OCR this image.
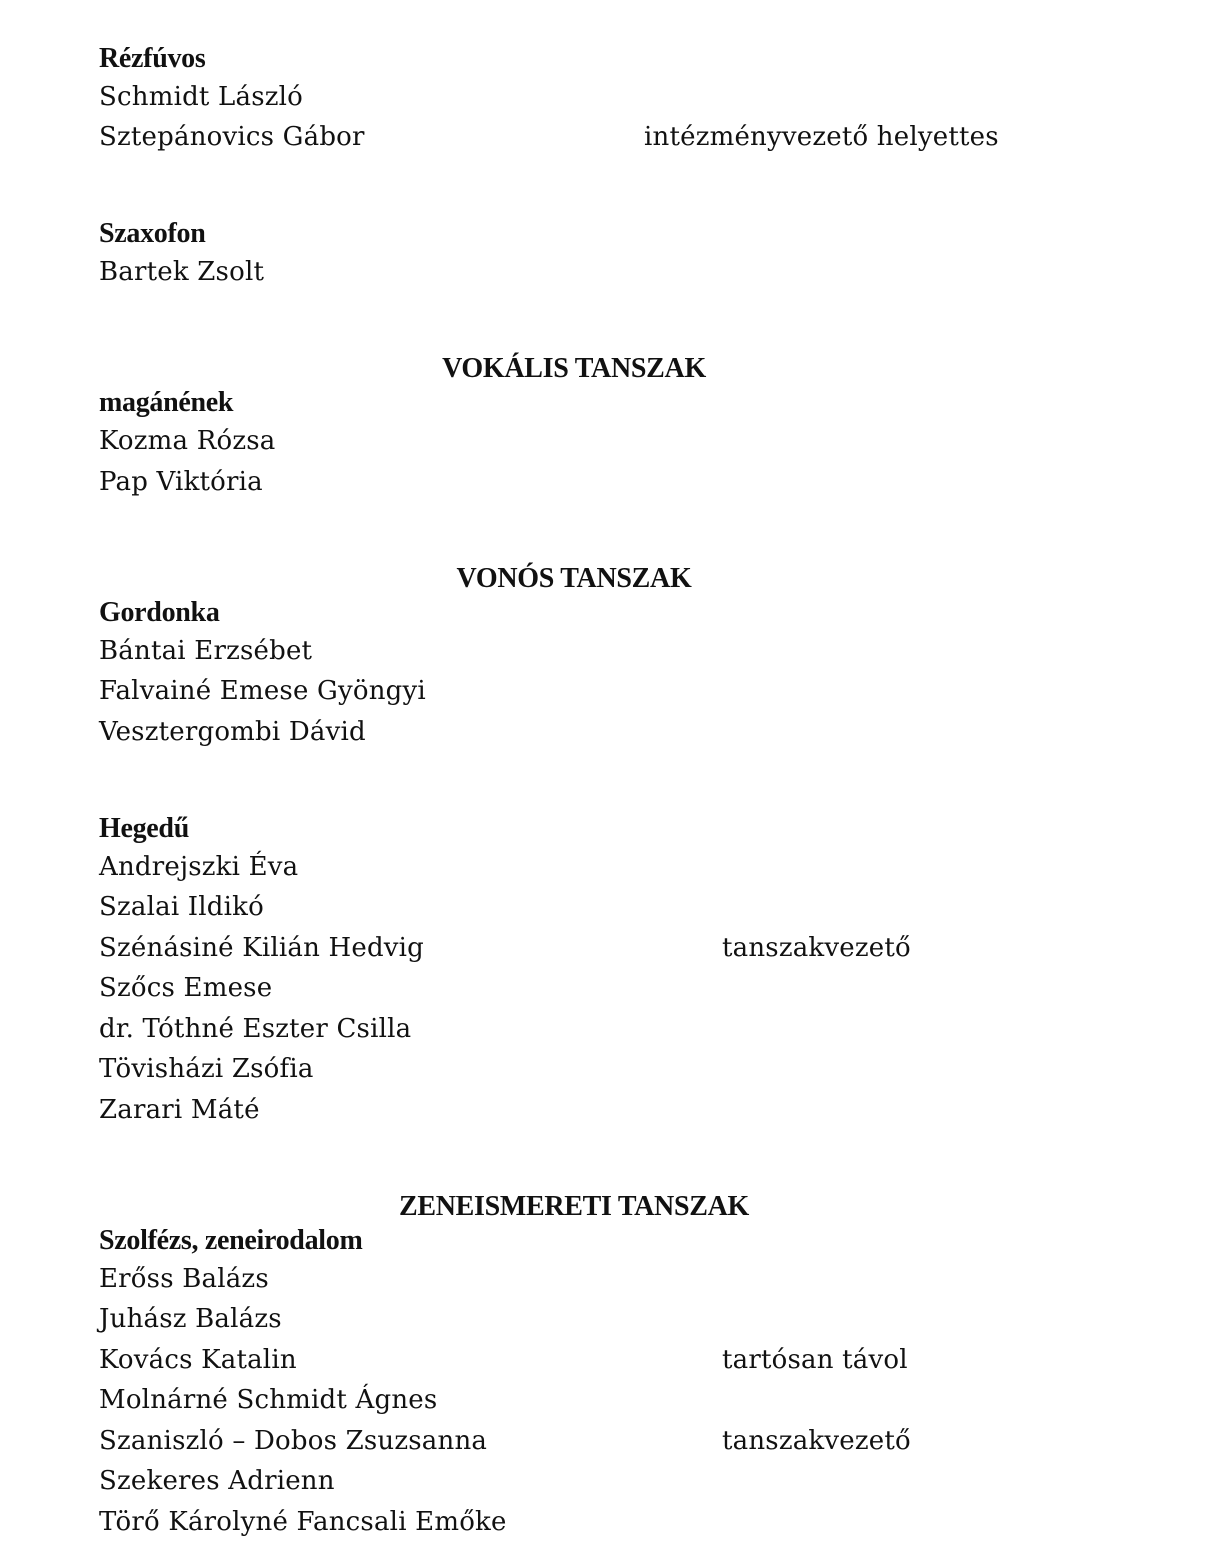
Rézfúvos
Schmidt László
Sztepánovics Gábor	intézményvezető helyettes
Szaxofon
Bartek Zsolt
VOKÁLIS TANSZAK
magánének
Kozma Rózsa
Pap Viktória
VONÓS TANSZAK
Gordonka
Bántai Erzsébet
Falvainé Emese Gyöngyi
Vesztergombi Dávid
Hegedű
Andrejszki Éva
Szalai Ildikó
Szénásiné Kilián Hedvig	tanszakvezető
Szőcs Emese
dr. Tóthné Eszter Csilla
Tövisházi Zsófia
Zarari Máté
ZENEISMERETI TANSZAK
Szolfézs, zeneirodalom
Erőss Balázs
Juhász Balázs
Kovács Katalin	tartósan távol
Molnárné Schmidt Ágnes
Szaniszló – Dobos Zsuzsanna	tanszakvezető
Szekeres Adrienn
Törő Károlyné Fancsali Emőke
